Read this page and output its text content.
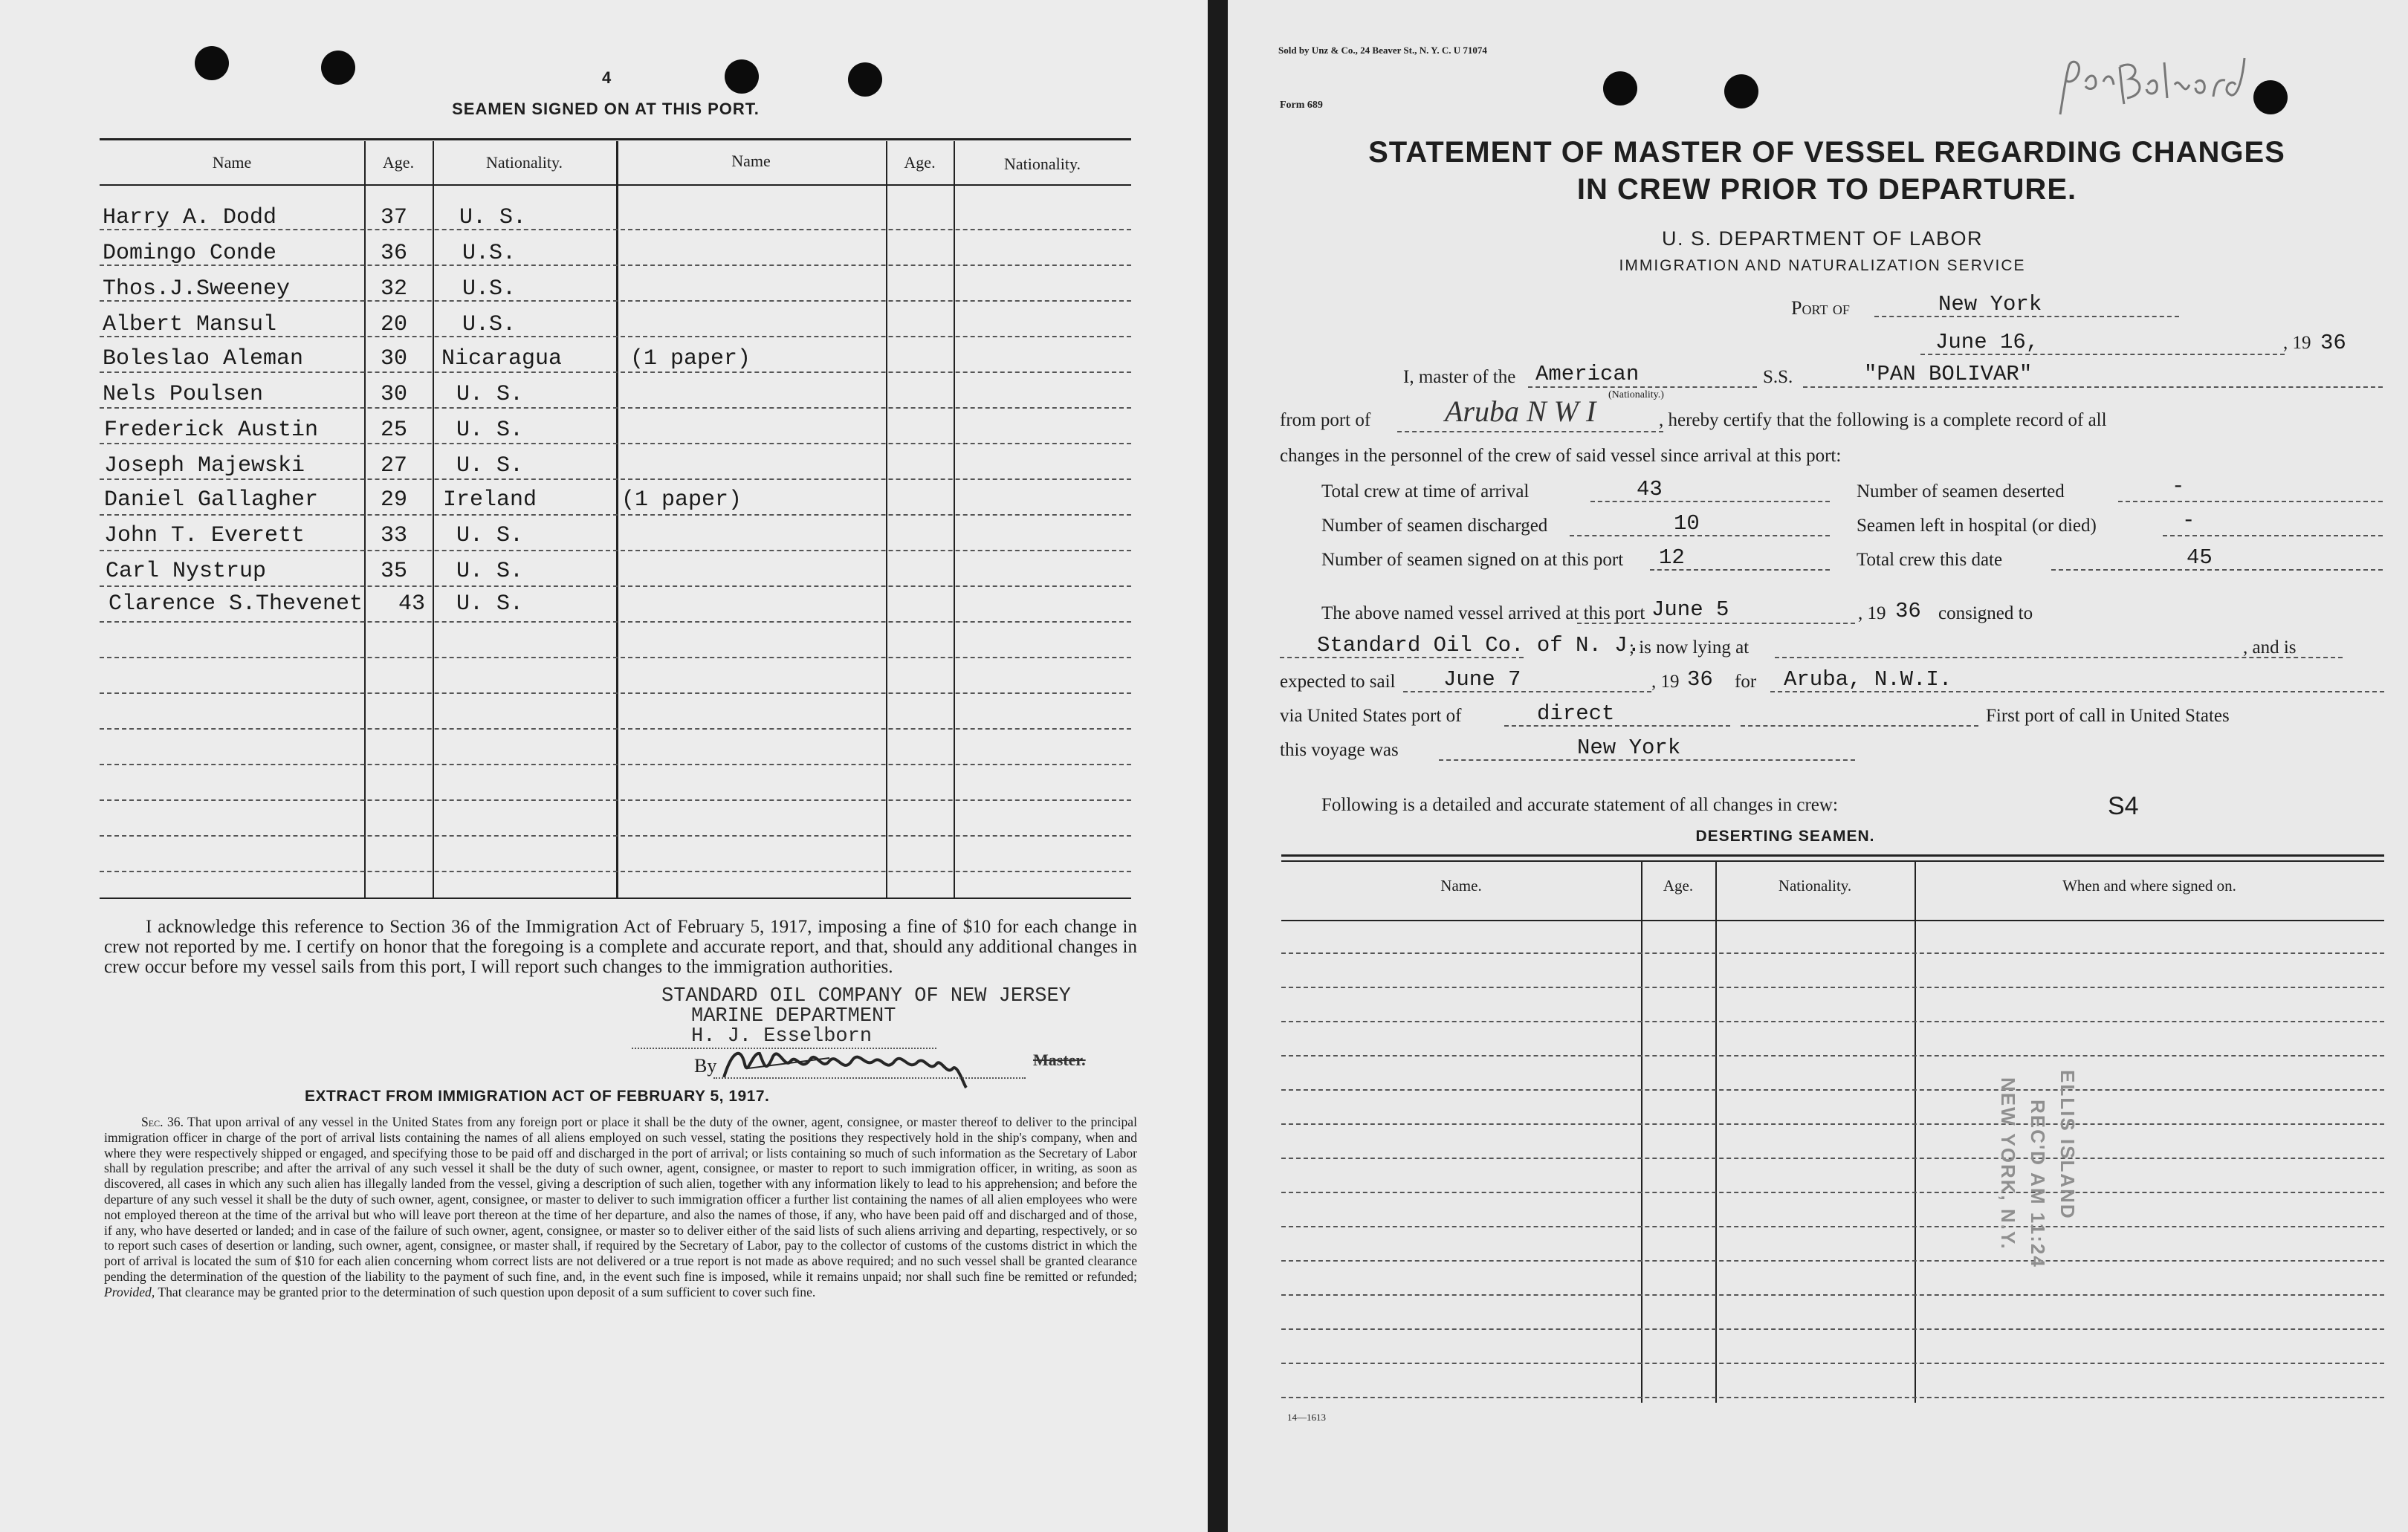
4
SEAMEN SIGNED ON AT THIS PORT.
Name	Age.	Nationality.	Name	Age.	Nationality.
Harry A. Dodd	37 U. S.
Domingo Conde	36 U.S.
Thos.J.Sweeney	32 U.S.
Albert Mansul	20 U.S.
Boleslao Aleman	30 Nicaragua	(1 paper)
Nels Poulsen	30 U. S.
Frederick Austin	25 U. S.
Joseph Majewski	27 U. S.
Daniel Gallagher	29 Ireland	(1 paper)
John T. Everett	33 U. S.
Carl Nystrup	35 U. S.
Clarence S.Thevenet 43 U. S.
I acknowledge this reference to Section 36 of the Immigration Act of February 5, 1917, imposing a fine of $10 for each change in crew not reported by me. I certify on honor that the foregoing is a complete and accurate report, and that, should any additional changes in crew occur before my vessel sails from this port, I will report such changes to the immigration authorities.
STANDARD OIL COMPANY OF NEW JERSEY
MARINE DEPARTMENT
H. J. Esselborn
By	Master.
EXTRACT FROM IMMIGRATION ACT OF FEBRUARY 5, 1917.
Sec. 36. That upon arrival of any vessel in the United States from any foreign port or place it shall be the duty of the owner, agent, consignee, or master thereof to deliver to the principal immigration officer in charge of the port of arrival lists containing the names of all aliens employed on such vessel, stating the positions they respectively hold in the ship's company, when and where they were respectively shipped or engaged, and specifying those to be paid off and discharged in the port of arrival; or lists containing so much of such information as the Secretary of Labor shall by regulation prescribe; and after the arrival of any such vessel it shall be the duty of such owner, agent, consignee, or master to report to such immigration officer, in writing, as soon as discovered, all cases in which any such alien has illegally landed from the vessel, giving a description of such alien, together with any information likely to lead to his apprehension; and before the departure of any such vessel it shall be the duty of such owner, agent, consignee, or master to deliver to such immigration officer a further list containing the names of all alien employees who were not employed thereon at the time of the arrival but who will leave port thereon at the time of her departure, and also the names of those, if any, who have been paid off and discharged and of those, if any, who have deserted or landed; and in case of the failure of such owner, agent, consignee, or master so to deliver either of the said lists of such aliens arriving and departing, respectively, or so to report such cases of desertion or landing, such owner, agent, consignee, or master shall, if required by the Secretary of Labor, pay to the collector of customs of the customs district in which the port of arrival is located the sum of $10 for each alien concerning whom correct lists are not delivered or a true report is not made as above required; and no such vessel shall be granted clearance pending the determination of the question of the liability to the payment of such fine, and, in the event such fine is imposed, while it remains unpaid; nor shall such fine be remitted or refunded; Provided, That clearance may be granted prior to the determination of such question upon deposit of a sum sufficient to cover such fine.
Sold by Unz & Co., 24 Beaver St., N. Y. C. U 71074
Form 689
STATEMENT OF MASTER OF VESSEL REGARDING CHANGES
IN CREW PRIOR TO DEPARTURE.
U. S. DEPARTMENT OF LABOR
IMMIGRATION AND NATURALIZATION SERVICE
Port of	New York
June 16,	, 19 36
I, master of the American
(Nationality.)
S.S.	"PAN BOLIVAR"
from port of Aruba N W I	, hereby certify that the following is a complete record of all
changes in the personnel of the crew of said vessel since arrival at this port:
Total crew at time of arrival	43	Number of seamen deserted	-
Number of seamen discharged	10	Seamen left in hospital (or died)	-
Number of seamen signed on at this port 12	Total crew this date	45
The above named vessel arrived at this port June 5	, 19 36 consigned to
Standard Oil Co. of N. J.
; is now lying at	, and is
expected to sail June 7	, 19 36 for Aruba, N.W.I.
via United States port of	direct	First port of call in United States
this voyage was	New York
Following is a detailed and accurate statement of all changes in crew:	S4
DESERTING SEAMEN.
Name.	Age.	Nationality.	When and where signed on.
ELLIS ISLAND
REC'D AM 11:24
NEW YORK, N.Y.
14—1613
